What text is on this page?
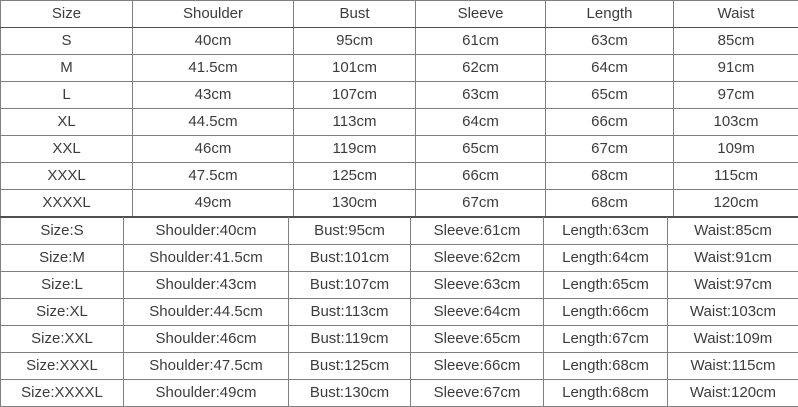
Size	Shoulder	Bust	Sleeve	Length	Waist
S	40cm	95cm	61cm	63cm	85cm
M	41.5cm	101cm	62cm	64cm	91cm
L	43cm	107cm	63cm	65cm	97cm
XL	44.5cm	113cm	64cm	66cm	103cm
XXL	46cm	119cm	65cm	67cm	109m
XXXL	47.5cm	125cm	66cm	68cm	115cm
XXXXL	49cm	130cm	67cm	68cm	120cm
Size:S	Shoulder:40cm	Bust:95cm	Sleeve:61cm	Length:63cm	Waist:85cm
Size:M	Shoulder:41.5cm	Bust:101cm	Sleeve:62cm	Length:64cm	Waist:91cm
Size:L	Shoulder:43cm	Bust:107cm	Sleeve:63cm	Length:65cm	Waist:97cm
Size:XL	Shoulder:44.5cm	Bust:113cm	Sleeve:64cm	Length:66cm	Waist:103cm
Size:XXL	Shoulder:46cm	Bust:119cm	Sleeve:65cm	Length:67cm	Waist:109m
Size:XXXL	Shoulder:47.5cm	Bust:125cm	Sleeve:66cm	Length:68cm	Waist:115cm
Size:XXXXL	Shoulder:49cm	Bust:130cm	Sleeve:67cm	Length:68cm	Waist:120cm
